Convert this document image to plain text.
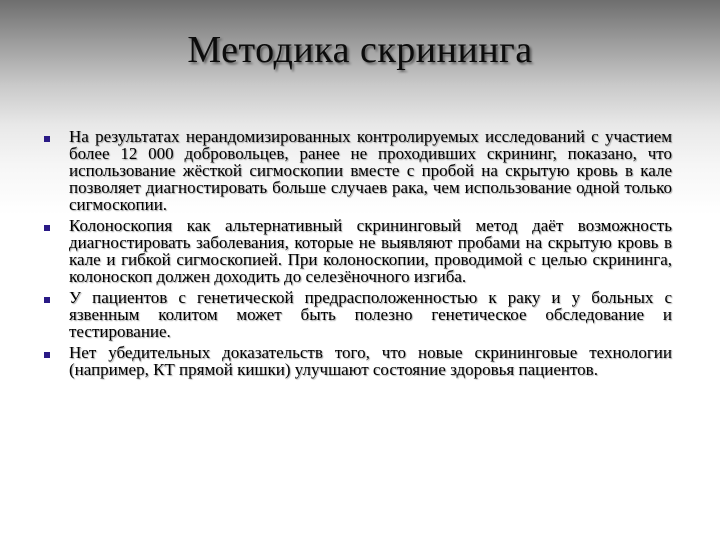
Методика скрининга
На результатах нерандомизированных контролируемых исследований с участием более 12 000 добровольцев, ранее не проходивших скрининг, показано, что использование жёсткой сигмоскопии вместе с пробой на скрытую кровь в кале позволяет диагностировать больше случаев рака, чем использование одной только сигмоскопии.
Колоноскопия как альтернативный скрининговый метод даёт возможность диагностировать заболевания, которые не выявляют пробами на скрытую кровь в кале и гибкой сигмоскопией. При колоноскопии, проводимой с целью скрининга, колоноскоп должен доходить до селезёночного изгиба.
У пациентов с генетической предрасположенностью к раку и у больных с язвенным колитом может быть полезно генетическое обследование и тестирование.
Нет убедительных доказательств того, что новые скрининговые технологии (например, КТ прямой кишки) улучшают состояние здоровья пациентов.
